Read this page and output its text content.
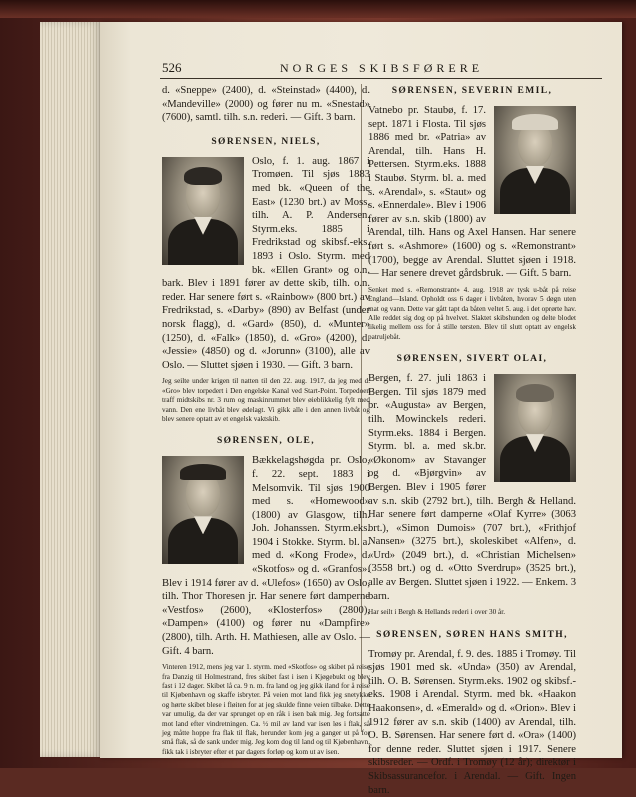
526	NORGES SKIBSFØRERE

d. «Sneppe» (2400), d. «Steinstad» (4400), d. «Mandeville» (2000) og fører nu m. «Snestad» (7600), samtl. tilh. s.n. rederi. — Gift. 3 barn.

SØRENSEN, NIELS,

Oslo, f. 1. aug. 1867 i Tromøen. Til sjøs 1883 med bk. «Queen of the East» (1230 brt.) av Moss, tilh. A. P. Andersen. Styrm.eks. 1885 i Fredrikstad og skibsf.-eks. 1893 i Oslo. Styrm. med bk. «Ellen Grant» og o.n. bark. Blev i 1891 fører av dette skib, tilh. o.n. reder. Har senere ført s. «Rainbow» (800 brt.) av Fredrikstad, s. «Darby» (890) av Belfast (under norsk flagg), d. «Gard» (850), d. «Munter» (1250), d. «Falk» (1850), d. «Gro» (4200), d. «Jessie» (4850) og d. «Jorunn» (3100), alle av Oslo. — Sluttet sjøen i 1930. — Gift. 3 barn.

Jeg seilte under krigen til natten til den 22. aug. 1917, da jeg med d. «Gro» blev torpedert i Den engelske Kanal ved Start-Point. Torpedoen traff midtskibs nr. 3 rum og maskinrummet blev øieblikkelig fylt med vann. Den ene livbåt blev ødelagt. Vi gikk alle i den annen livbåt og blev senere optatt av et engelsk vaktskib.
SØRENSEN, OLE,

Bækkelagshøgda pr. Oslo, f. 22. sept. 1883 i Melsomvik. Til sjøs 1900 med s. «Homewood» (1800) av Glasgow, tilh. Joh. Johanssen. Styrm.eks. 1904 i Stokke. Styrm. bl. a. med d. «Kong Frode», d. «Skotfos» og d. «Granfos». Blev i 1914 fører av d. «Ulefos» (1650) av Oslo, tilh. Thor Thoresen jr. Har senere ført damperne «Vestfos» (2600), «Klosterfos» (2800), «Dampen» (4100) og fører nu «Dampfire» (2800), tilh. Arth. H. Mathiesen, alle av Oslo. — Gift. 4 barn.

Vinteren 1912, mens jeg var 1. styrm. med «Skotfos» og skibet på reise fra Danzig til Holmestrand, fres skibet fast i isen i Kjøgebukt og blev fast i 12 dager. Skibet lå ca. 9 n. m. fra land og jeg gikk iland for å reise til Kjøbenhavn og skaffe isbryter. På veien mot land fikk jeg snetykke og hørte skibet blese i fløiten for at jeg skulde finne veien tilbake. Dette var umulig, da der var sprunget op en råk i isen bak mig. Jeg fortsatte mot land efter vindretningen. Ca. ½ mil av land var isen løs i flak, så jeg måtte hoppe fra flak til flak, herunder kom jeg a ganger ut på for små flak, så de sank under mig. Jeg kom dog til land og til Kjøbenhavn, fikk tak i isbryter efter et par dagers forløp og kom ut av isen.
SØRENSEN, SEVERIN EMIL,

Vatnebo pr. Staubø, f. 17. sept. 1871 i Flosta. Til sjøs 1886 med br. «Patria» av Arendal, tilh. Hans H. Pettersen. Styrm.eks. 1888 i Staubø. Styrm. bl. a. med s. «Arendal», s. «Staut» og s. «Ennerdale». Blev i 1906 fører av s.n. skib (1800) av Arendal, tilh. Hans og Axel Hansen. Har senere ført s. «Ashmore» (1600) og s. «Remonstrant» (1700), begge av Arendal. Sluttet sjøen i 1918. — Har senere drevet gårdsbruk. — Gift. 5 barn.

Senket med s. «Remonstrant» 4. aug. 1918 av tysk u-båt på reise England—Island. Opholdt oss 6 dager i livbåten, hvorav 5 døgn uten mat og vann. Dette var gått tapt da båten veltet 5. aug. i det oprørte hav. Alle reddet sig dog op på hvelvet. Slaktet skibshunden og delte blodet likelig mellem oss for å stille tørsten. Blev til slutt optatt av engelsk patruljebåt.
SØRENSEN, SIVERT OLAI,

Bergen, f. 27. juli 1863 i Bergen. Til sjøs 1879 med br. «Augusta» av Bergen, tilh. Mowinckels rederi. Styrm.eks. 1884 i Bergen. Styrm. bl. a. med sk.br. «Økonom» av Stavanger og d. «Bjørgvin» av Bergen. Blev i 1905 fører av s.n. skib (2792 brt.), tilh. Bergh & Helland. Har senere ført damperne «Olaf Kyrre» (3063 brt.), «Simon Dumois» (707 brt.), «Frithjof Nansen» (3275 brt.), skoleskibet «Alfen», d. «Urd» (2049 brt.), d. «Christian Michelsen» (3558 brt.) og d. «Otto Sverdrup» (3525 brt.), alle av Bergen. Sluttet sjøen i 1922. — Enkem. 3 barn.

Har seilt i Bergh & Hellands rederi i over 30 år.
SØRENSEN, SØREN HANS SMITH,

Tromøy pr. Arendal, f. 9. des. 1885 i Tromøy. Til sjøs 1901 med sk. «Unda» (350) av Arendal, tilh. O. B. Sørensen. Styrm.eks. 1902 og skibsf.-eks. 1908 i Arendal. Styrm. med bk. «Haakon Haakonsen», d. «Emerald» og d. «Orion». Blev i 1912 fører av s.n. skib (1400) av Arendal, tilh. O. B. Sørensen. Har senere ført d. «Ora» (1400) for denne reder. Sluttet sjøen i 1917. Senere skibsreder. — Ordf. i Tromøy (12 år); direktør i Skibsassurancefor. i Arendal. — Gift. Ingen barn.
